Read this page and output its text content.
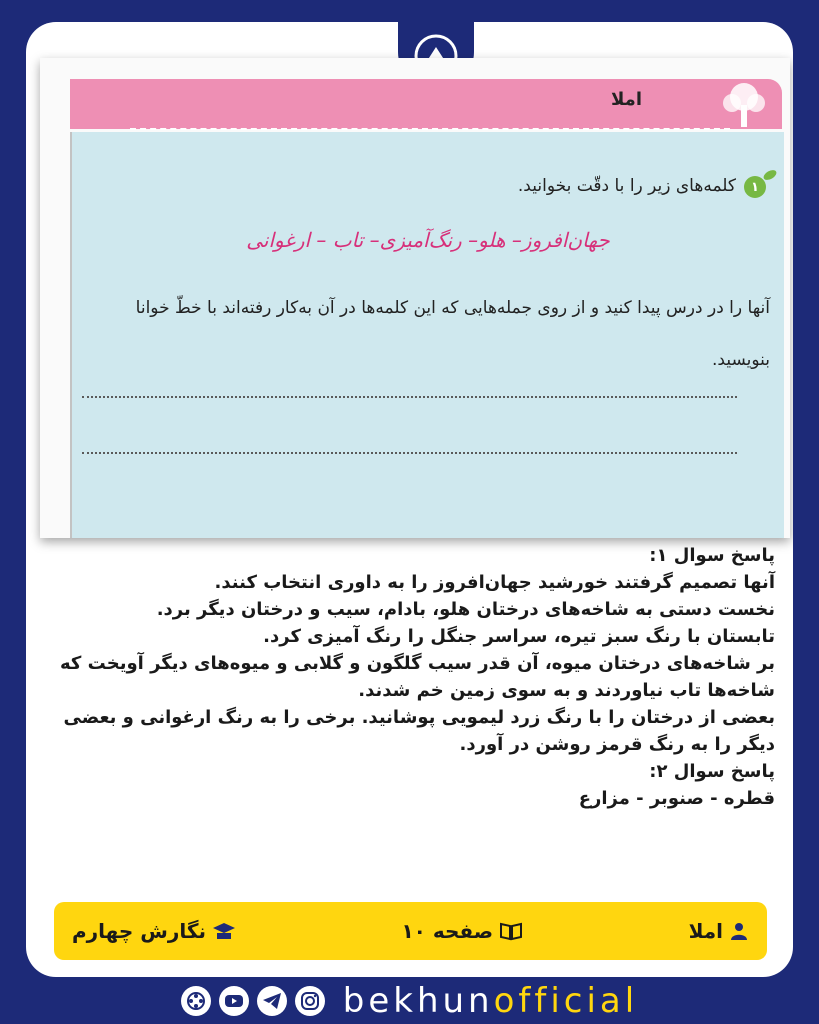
املا
۱
کلمه‌های زیر را با دقّت بخوانید.
جهان‌افروز– هلو– رنگ‌آمیزی– تاب – ارغوانی
آنها را در درس پیدا کنید و از روی جمله‌هایی که این کلمه‌ها در آن به‌کار رفته‌اند با خطّ خوانا بنویسید.

پاسخ سوال ۱:

آنها تصمیم گرفتند خورشید جهان‌افروز را به داوری انتخاب کنند.

نخست دستی به شاخه‌های درختان هلو، بادام، سیب و درختان دیگر برد.

تابستان با رنگ سبز تیره، سراسر جنگل را رنگ آمیزی کرد.

بر شاخه‌های درختان میوه، آن قدر سیب گلگون و گلابی و میوه‌های دیگر آویخت که شاخه‌ها تاب نیاوردند و به سوی زمین خم شدند.

بعضی از درختان را با رنگ زرد لیمویی پوشانید. برخی را به رنگ ارغوانی و بعضی دیگر را به رنگ قرمز روشن در آورد.

پاسخ سوال ۲:

قطره - صنوبر - مزارع

املا
صفحه ۱۰
نگارش چهارم
bekhunofficial
